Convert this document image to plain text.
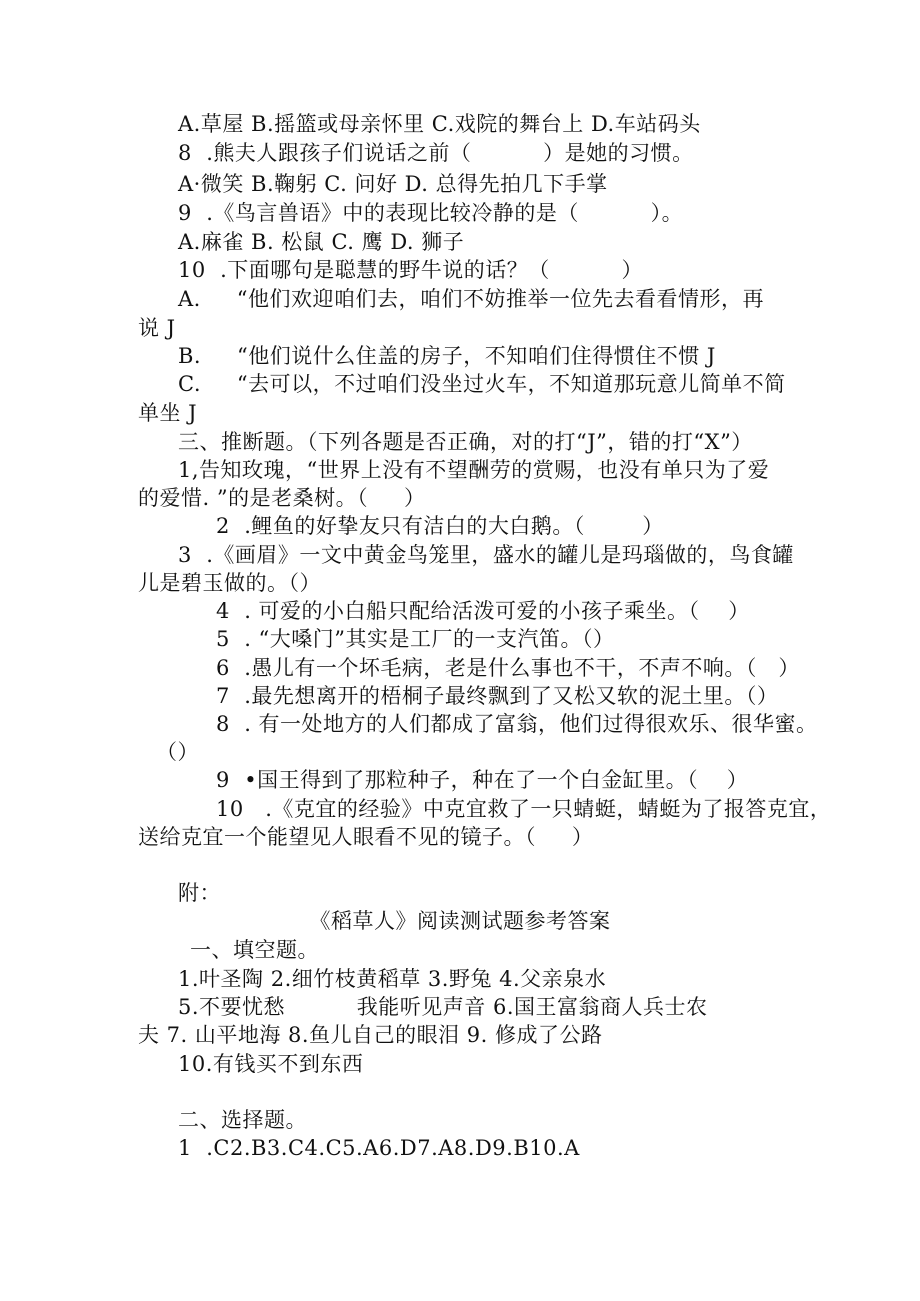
A.草屋 B.摇篮或母亲怀里 C.戏院的舞台上 D.车站码头
8  .熊夫人跟孩子们说话之前（          ）是她的习惯。
A·微笑 B.鞠躬 C. 问好 D. 总得先拍几下手掌
9  .《鸟言兽语》中的表现比较冷静的是（          ）。
A.麻雀 B. 松鼠 C. 鹰 D. 狮子
10  .下面哪句是聪慧的野牛说的话？（          ）
A.     “他们欢迎咱们去，咱们不妨推举一位先去看看情形，再
说 J
B.     “他们说什么住盖的房子，不知咱们住得惯住不惯 J
C.     “去可以，不过咱们没坐过火车，不知道那玩意儿简单不简
单坐 J
三、推断题。（下列各题是否正确，对的打“J”，错的打“X”）
1,告知玫瑰，“世界上没有不望酬劳的赏赐，也没有单只为了爱
的爱惜. ”的是老桑树。（     ）
2  .鲤鱼的好挚友只有洁白的大白鹅。（        ）
3  .《画眉》一文中黄金鸟笼里，盛水的罐儿是玛瑙做的，鸟食罐
儿是碧玉做的。（）
4  . 可爱的小白船只配给活泼可爱的小孩子乘坐。（    ）
5  . “大嗓门”其实是工厂的一支汽笛。（）
6  .愚儿有一个坏毛病，老是什么事也不干，不声不响。（   ）
7  .最先想离开的梧桐子最终飘到了又松又软的泥土里。（）
8  . 有一处地方的人们都成了富翁，他们过得很欢乐、很华蜜。
（）
9  •国王得到了那粒种子，种在了一个白金缸里。（    ）
10   .《克宜的经验》中克宜救了一只蜻蜓，蜻蜓为了报答克宜，
送给克宜一个能望见人眼看不见的镜子。（     ）
附：
《稻草人》阅读测试题参考答案
一、填空题。
1.叶圣陶 2.细竹枝黄稻草 3.野兔 4.父亲泉水
5.不要忧愁          我能听见声音 6.国王富翁商人兵士农
夫 7. 山平地海 8.鱼儿自己的眼泪 9. 修成了公路
10.有钱买不到东西
二、选择题。
1  .C2.B3.C4.C5.A6.D7.A8.D9.B10.A
